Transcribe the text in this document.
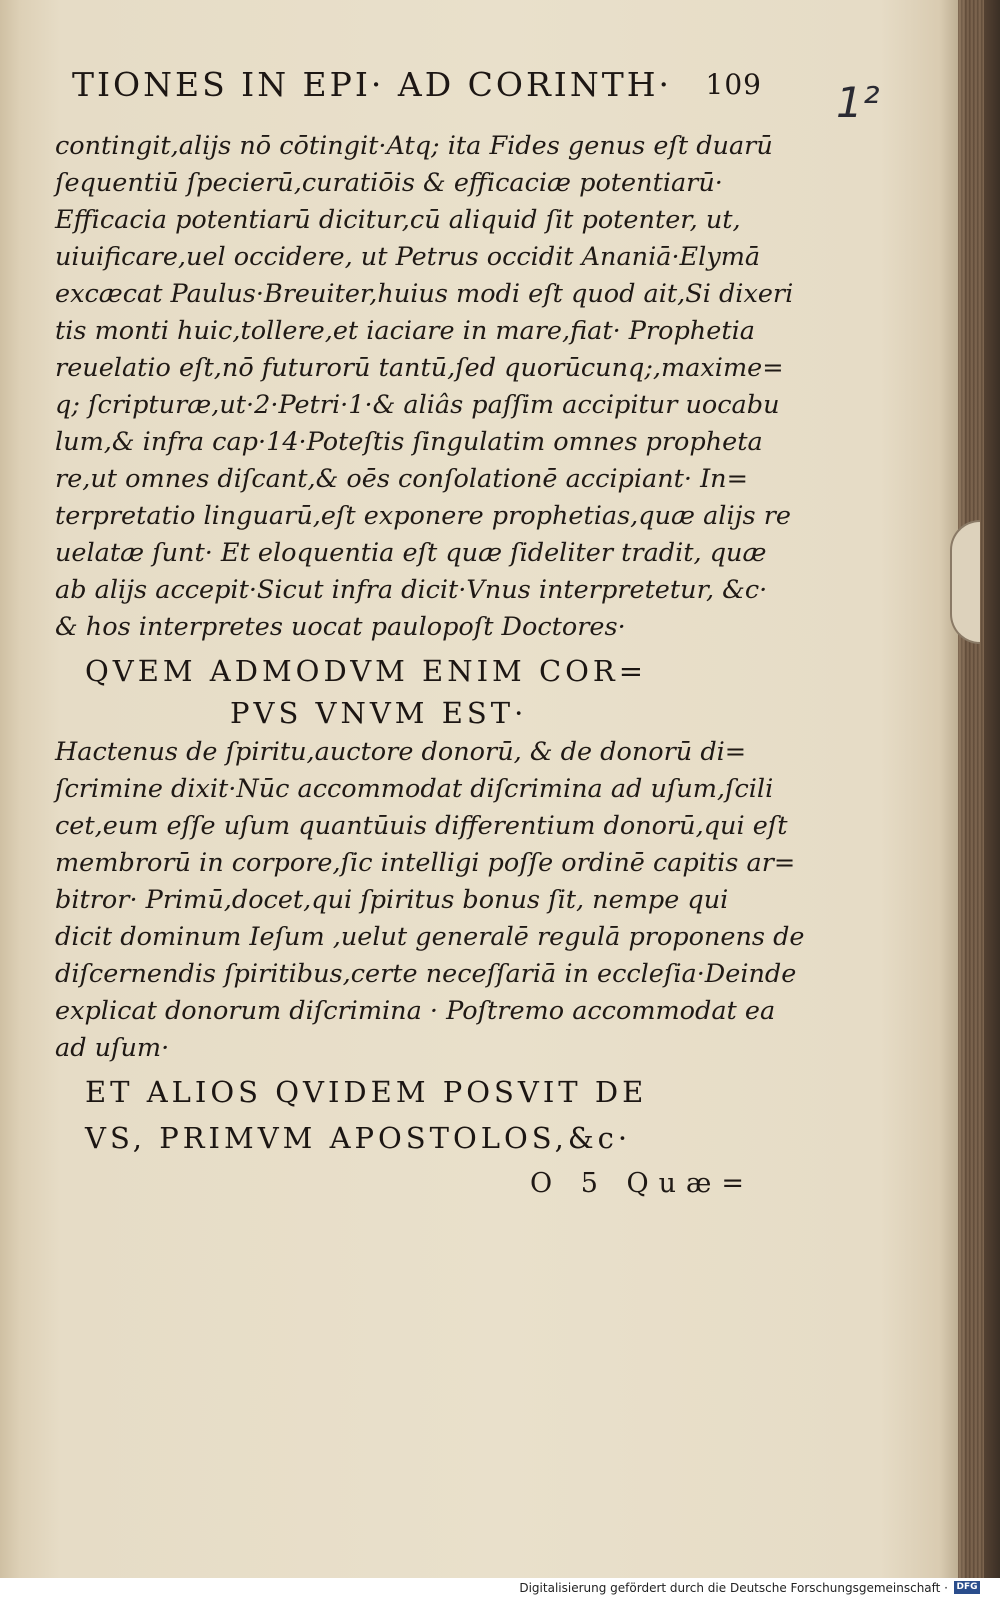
TIONES IN EPI· AD CORINTH· 109 1²
contingit,alijs nō cōtingit·Atq; ita Fides genus eſt duarū
ſequentiū ſpecierū,curatiōis & efficaciæ potentiarū·
Efficacia potentiarū dicitur,cū aliquid ſit potenter, ut,
uiuificare,uel occidere, ut Petrus occidit Ananiā·Elymā
excæcat Paulus·Breuiter,huius modi eſt quod ait,Si dixeri
tis monti huic,tollere,et iaciare in mare,fiat· Prophetia
reuelatio eſt,nō futurorū tantū,ſed quorūcunq;,maxime=
q; ſcripturæ,ut·2·Petri·1·& aliâs paſſim accipitur uocabu
lum,& infra cap·14·Poteſtis ſingulatim omnes propheta
re,ut omnes diſcant,& oēs conſolationē accipiant· In=
terpretatio linguarū,eſt exponere prophetias,quæ alijs re
uelatæ ſunt· Et eloquentia eſt quæ ſideliter tradit, quæ
ab alijs accepit·Sicut infra dicit·Vnus interpretetur, &c·
& hos interpretes uocat paulopoſt Doctores·
QVEM ADMODVM ENIM COR=
PVS VNVM EST·
Hactenus de ſpiritu,auctore donorū, & de donorū di=
ſcrimine dixit·Nūc accommodat diſcrimina ad uſum,ſcili
cet,eum eſſe uſum quantūuis differentium donorū,qui eſt
membrorū in corpore,ſic intelligi poſſe ordinē capitis ar=
bitror· Primū,docet,qui ſpiritus bonus ſit, nempe qui
dicit dominum Ieſum ,uelut generalē regulā proponens de
diſcernendis ſpiritibus,certe neceſſariā in eccleſia·Deinde
explicat donorum diſcrimina · Poſtremo accommodat ea
ad uſum·
ET ALIOS QVIDEM POSVIT DE
VS, PRIMVM APOSTOLOS,&c·
O 5 Quæ=
Digitalisierung gefördert durch die Deutsche Forschungsgemeinschaft · DFG
